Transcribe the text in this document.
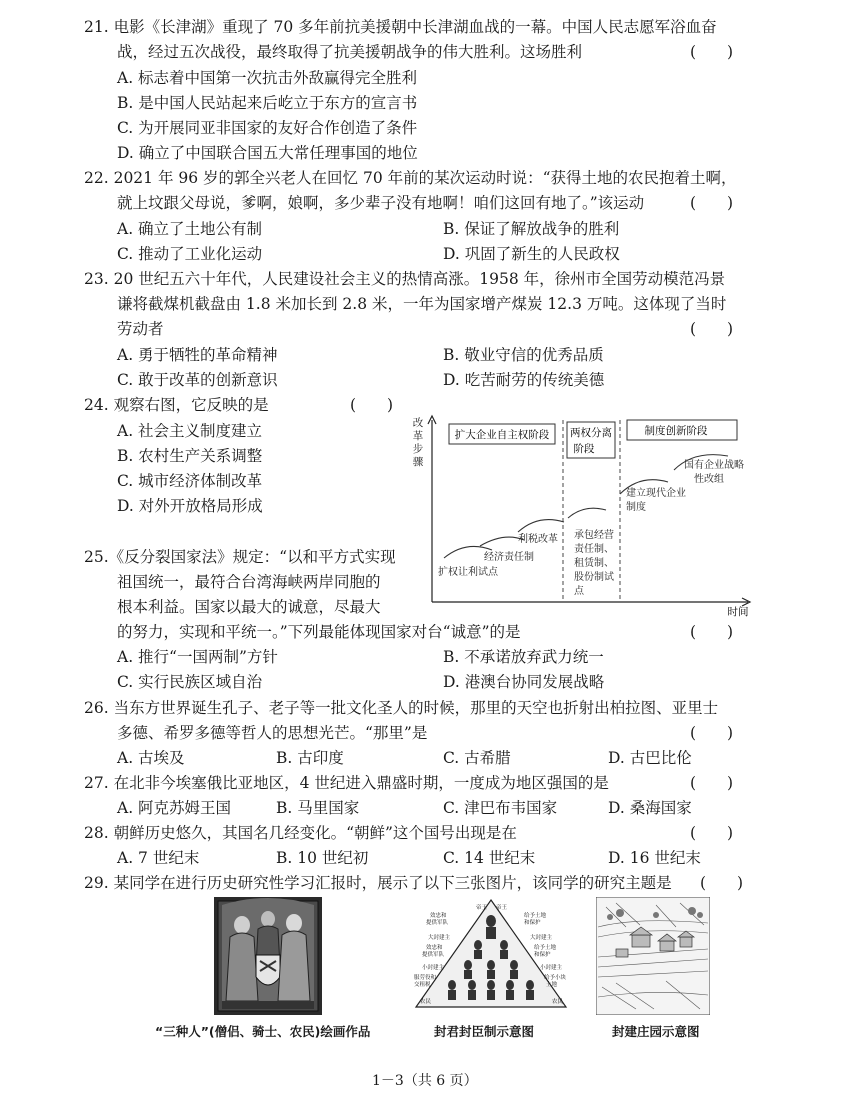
21. 电影《长津湖》重现了 70 多年前抗美援朝中长津湖血战的一幕。中国人民志愿军浴血奋
战，经过五次战役，最终取得了抗美援朝战争的伟大胜利。这场胜利	(　　)
A. 标志着中国第一次抗击外敌赢得完全胜利
B. 是中国人民站起来后屹立于东方的宣言书
C. 为开展同亚非国家的友好合作创造了条件
D. 确立了中国联合国五大常任理事国的地位
22. 2021 年 96 岁的郭全兴老人在回忆 70 年前的某次运动时说：“获得土地的农民抱着土啊，
就上坟跟父母说，爹啊，娘啊，多少辈子没有地啊！咱们这回有地了。”该运动	(　　)
A. 确立了土地公有制	B. 保证了解放战争的胜利
C. 推动了工业化运动	D. 巩固了新生的人民政权
23. 20 世纪五六十年代，人民建设社会主义的热情高涨。1958 年，徐州市全国劳动模范冯景
谦将截煤机截盘由 1.8 米加长到 2.8 米，一年为国家增产煤炭 12.3 万吨。这体现了当时
劳动者	(　　)
A. 勇于牺牲的革命精神	B. 敬业守信的优秀品质
C. 敢于改革的创新意识	D. 吃苦耐劳的传统美德
24. 观察右图，它反映的是	(　　)
A. 社会主义制度建立
B. 农村生产关系调整
C. 城市经济体制改革
D. 对外开放格局形成
改
革
步
骤
时间
扩大企业自主权阶段 两权分离
阶段
制度创新阶段
扩权让利试点
经济责任制
利税改革 承包经营
责任制、
租赁制、
股份制试
点
建立现代企业
制度
国有企业战略
性改组
25.《反分裂国家法》规定：“以和平方式实现
祖国统一，最符合台湾海峡两岸同胞的
根本利益。国家以最大的诚意，尽最大
的努力，实现和平统一。”下列最能体现国家对台“诚意”的是	(　　)
A. 推行“一国两制”方针	B. 不承诺放弃武力统一
C. 实行民族区域自治	D. 港澳台协同发展战略
26. 当东方世界诞生孔子、老子等一批文化圣人的时候，那里的天空也折射出柏拉图、亚里士
多德、希罗多德等哲人的思想光芒。“那里”是	(　　)
A. 古埃及	B. 古印度	C. 古希腊	D. 古巴比伦
27. 在北非今埃塞俄比亚地区，4 世纪进入鼎盛时期，一度成为地区强国的是	(　　)
A. 阿克苏姆王国	B. 马里国家	C. 津巴布韦国家	D. 桑海国家
28. 朝鲜历史悠久，其国名几经变化。“朝鲜”这个国号出现是在	(　　)
A. 7 世纪末	B. 10 世纪初	C. 14 世纪末	D. 16 世纪末
29. 某同学在进行历史研究性学习汇报时，展示了以下三张图片，该同学的研究主题是 (　　)
“三种人”(僧侣、骑士、农民)绘画作品
帝王 帝王
效忠和
提供军队
给予土地
和保护
大封建主	大封建主
效忠和
提供军队
给予土地
和保护
小封建主	小封建主
服劳役和
交租税
给予小块
土地
农民	农民
封君封臣制示意图	封建庄园示意图
1－3（共 6 页）
